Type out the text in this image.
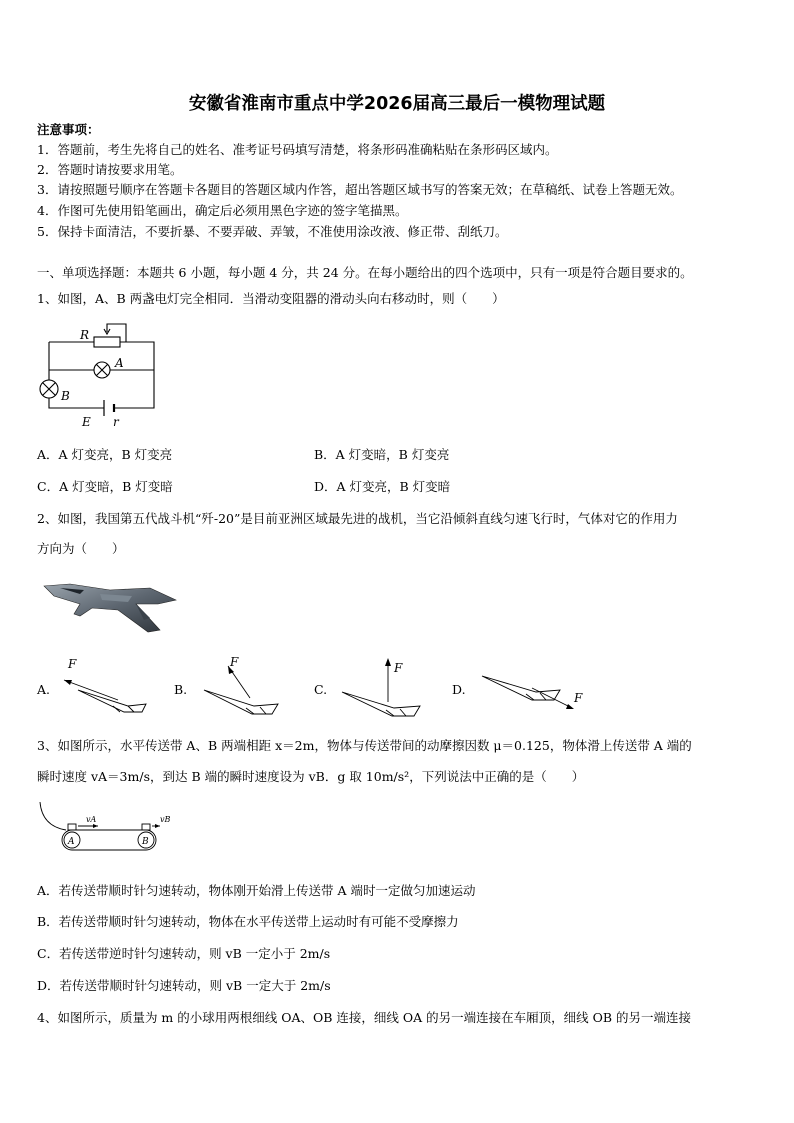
安徽省淮南市重点中学2026届高三最后一模物理试题
注意事项：
1．答题前，考生先将自己的姓名、准考证号码填写清楚，将条形码准确粘贴在条形码区域内。
2．答题时请按要求用笔。
3．请按照题号顺序在答题卡各题目的答题区域内作答，超出答题区域书写的答案无效；在草稿纸、试卷上答题无效。
4．作图可先使用铅笔画出，确定后必须用黑色字迹的签字笔描黑。
5．保持卡面清洁，不要折暴、不要弄破、弄皱，不准使用涂改液、修正带、刮纸刀。
一、单项选择题：本题共 6 小题，每小题 4 分，共 24 分。在每小题给出的四个选项中，只有一项是符合题目要求的。
1、如图，A、B 两盏电灯完全相同．当滑动变阻器的滑动头向右移动时，则（　　）
R
A
B
E r
A．A 灯变亮，B 灯变亮	B．A 灯变暗，B 灯变亮
C．A 灯变暗，B 灯变暗	D．A 灯变亮，B 灯变暗
2、如图，我国第五代战斗机“歼-20”是目前亚洲区域最先进的战机，当它沿倾斜直线匀速飞行时，气体对它的作用力
方向为（　　）
A.
F
B.
F
C.
F
D.
F
3、如图所示，水平传送带 A、B 两端相距 x＝2m，物体与传送带间的动摩擦因数 μ＝0.125，物体滑上传送带 A 端的
瞬时速度 vA＝3m/s，到达 B 端的瞬时速度设为 vB．g 取 10m/s²，下列说法中正确的是（　　）
vA	vB
A	B
A．若传送带顺时针匀速转动，物体刚开始滑上传送带 A 端时一定做匀加速运动
B．若传送带顺时针匀速转动，物体在水平传送带上运动时有可能不受摩擦力
C．若传送带逆时针匀速转动，则 vB 一定小于 2m/s
D．若传送带顺时针匀速转动，则 vB 一定大于 2m/s
4、如图所示，质量为 m 的小球用两根细线 OA、OB 连接，细线 OA 的另一端连接在车厢顶，细线 OB 的另一端连接
